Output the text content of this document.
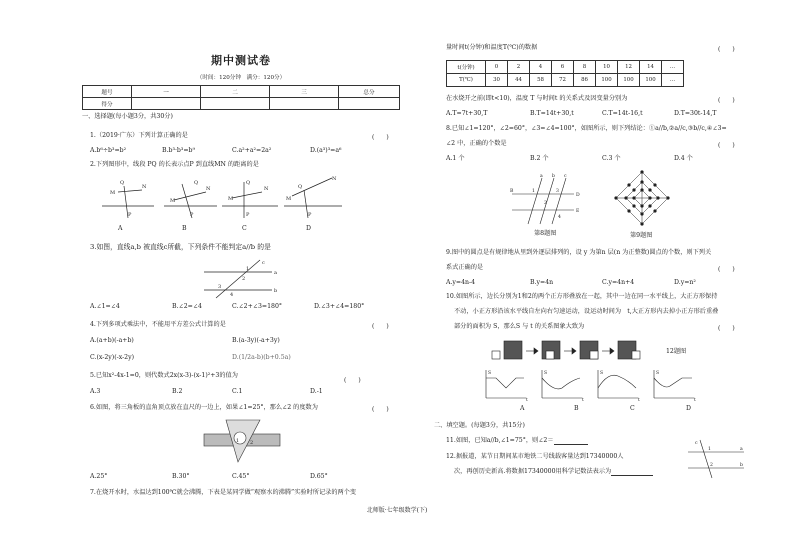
期中测试卷
（时间：120分钟　满分：120分）
题号	一	二	三	总分
得分				
一、选择题(每小题3分，共30分)
1.（2019·广东）下列计算正确的是	(　　)
A.b⁶÷b³=b²	B.b³·b³=b⁹	C.a²+a²=2a²	D.(a³)³=a⁶
2.下列图形中，线段 PQ 的长表示点P 到直线MN 的距离的是
Q
N
M
P
Q
N
M
P
Q
N
M
P
N
Q
M
P
A	B	C	D
3.如图，直线a,b 被直线c所截，下列条件不能判定a//b 的是
c
a
b
1
2
3
4
A.∠1=∠4	B.∠2=∠4	C.∠2+∠3=180°	D.∠3+∠4=180°
4.下列多项式乘法中，不能用平方差公式计算的是	(　　)
A.(a+b)(-a+b)	B.(a-3y)(-a+3y)
C.(x-2y)(-x-2y)	D.(1/2a-b)(b+0.5a)
5.已知x²-4x-1=0，则代数式2x(x-3)-(x-1)²+3的值为
(　　)
A.3	B.2	C.1	D.-1
6.如图，将三角板的直角顶点放在直尺的一边上，如果∠1=25°，那么∠2 的度数为	(　　)
1 2
A.25°	B.30°	C.45°	D.65°
7.在烧开水时，水温达到100℃就会沸腾，下表是某同学做“观察水的沸腾”实验时所记录的两个变
量时间t(分钟)和温度T(℃)的数据	(　　)
t(分钟)	0	2	4	6	8	10	12	14	...
T(℃)	30	44	58	72	86	100	100	100	...
在水烧开之前(即t<10)，温度 T 与时间t 的关系式及因变量分别为	(　　)
A.T=7t+30,T	B.T=14t+30,t	C.T=14t-16,t	D.T=30t-14,T
8.已知∠1=120°，∠2=60°，∠3=∠4=100°，如图所示，则下列结论：①a//b,②a//c,③b//c,④∠3=
∠2 中，正确的个数是	(　　)
A.1 个	B.2 个	C.3 个	D.4 个
a b c
D
E
B	1
2
3
4
第8题图	第9题图
9.图中的圆点是有规律地从里到外逐层排列的，设 y 为第n 层(n 为正整数)圆点的个数，则下列关
系式正确的是	(　　)
A.y=4n-4	B.y=4n	C.y=4n+4	D.y=n²
10.如图所示，边长分别为1和2的两个正方形叠放在一起，其中一边在同一水平线上，大正方形保持
不动，小正方形沿该水平线自左向右匀速运动，设运动时间为　t,大正方形内去掉小正方形后重叠
部分的面积为 S，那么S 与 t 的关系图象大致为	(　　)
12题图
S
t
S
t
S
t
S
t
A	B	C	D
二、填空题。(每题3分，共15分)
11.如图，已知a//b,∠1=75°，则∠2＝
12.据报道，某节日期间某市地铁二号线载客量达到17340000人
次，再创历史新高.将数据17340000用科学记数法表示为
c
a
b
1
2
北师版·七年级数学(下)
